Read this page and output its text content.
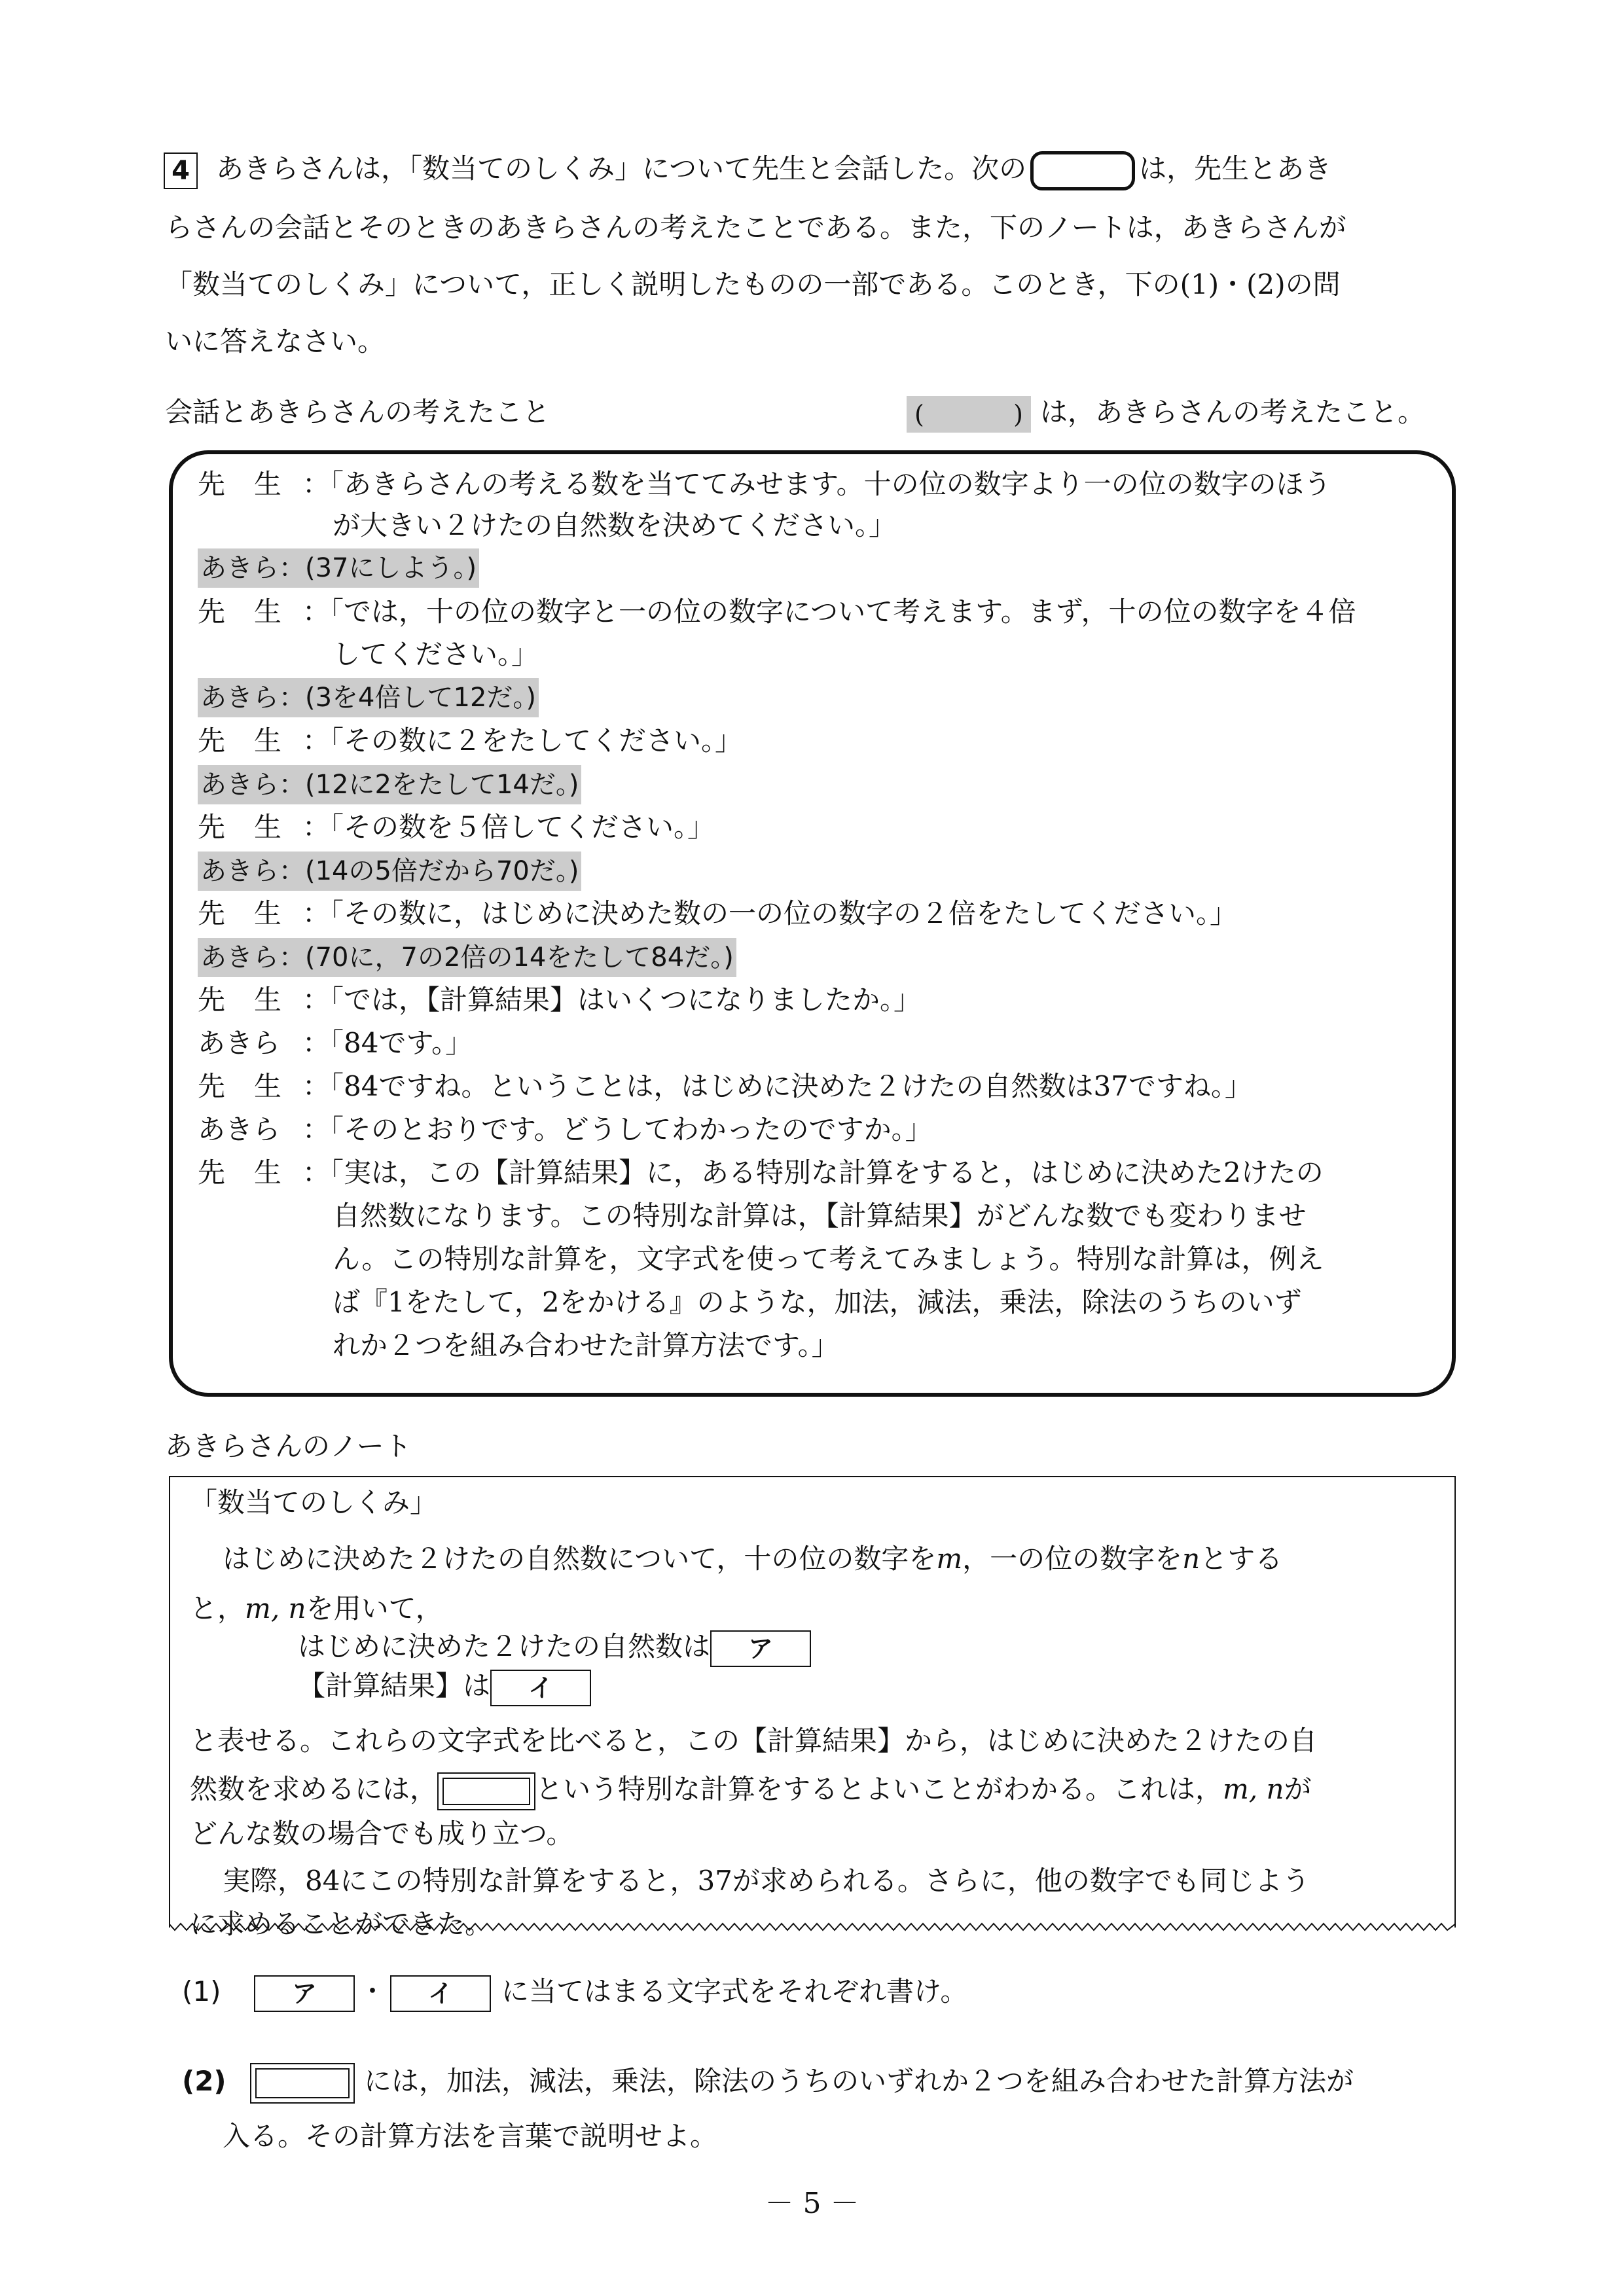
4 あきらさんは，「数当てのしくみ」について先生と会話した。次の	は，先生とあき
らさんの会話とそのときのあきらさんの考えたことである。また，下のノートは，あきらさんが
「数当てのしくみ」について，正しく説明したものの一部である。このとき，下の(1)・(2)の問
いに答えなさい。
会話とあきらさんの考えたこと	(	) は，あきらさんの考えたこと。
先生：「あきらさんの考える数を当ててみせます。十の位の数字より一の位の数字のほう
が大きい２けたの自然数を決めてください。」
あきら：(37にしよう。)
先生：「では，十の位の数字と一の位の数字について考えます。まず，十の位の数字を４倍
してください。」
あきら：(3を4倍して12だ。)
先生：「その数に２をたしてください。」
あきら：(12に2をたして14だ。)
先生：「その数を５倍してください。」
あきら：(14の5倍だから70だ。)
先生：「その数に，はじめに決めた数の一の位の数字の２倍をたしてください。」
あきら：(70に，7の2倍の14をたして84だ。)
先生：「では，【計算結果】はいくつになりましたか。」
あきら ：「84です。」
先生：「84ですね。ということは，はじめに決めた２けたの自然数は37ですね。」
あきら ：「そのとおりです。どうしてわかったのですか。」
先生：「実は，この【計算結果】に，ある特別な計算をすると，はじめに決めた2けたの
自然数になります。この特別な計算は，【計算結果】がどんな数でも変わりませ
ん。この特別な計算を，文字式を使って考えてみましょう。特別な計算は，例え
ば『1をたして，2をかける』のような，加法，減法，乗法，除法のうちのいず
れか２つを組み合わせた計算方法です。」
あきらさんのノート
「数当てのしくみ」
はじめに決めた２けたの自然数について，十の位の数字をm，一の位の数字をnとする
と，m, nを用いて，
はじめに決めた２けたの自然数は ア
【計算結果】は イ
と表せる。これらの文字式を比べると，この【計算結果】から，はじめに決めた２けたの自
然数を求めるには，	という特別な計算をするとよいことがわかる。これは，m, nが
どんな数の場合でも成り立つ。
実際，84にこの特別な計算をすると，37が求められる。さらに，他の数字でも同じよう
に求めることができた。
(1)	ア ・ イ に当てはまる文字式をそれぞれ書け。
(2)	には，加法，減法，乗法，除法のうちのいずれか２つを組み合わせた計算方法が
入る。その計算方法を言葉で説明せよ。
－ 5 －
